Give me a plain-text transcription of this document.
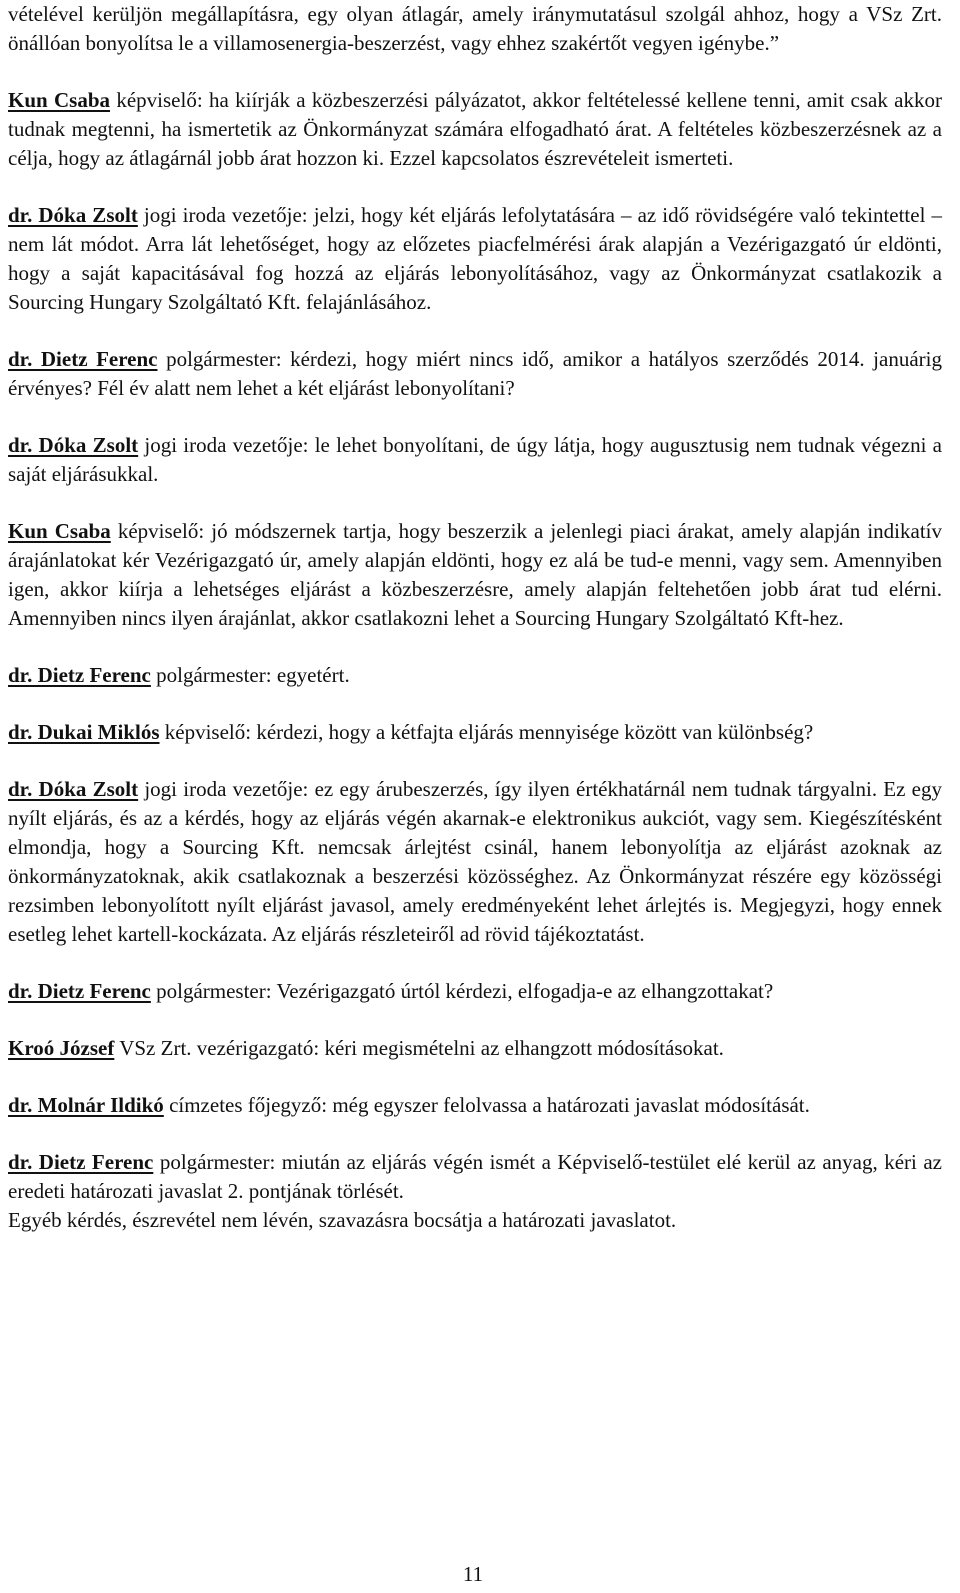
vételével kerüljön megállapításra, egy olyan átlagár, amely iránymutatásul szolgál ahhoz, hogy a VSz Zrt. önállóan bonyolítsa le a villamosenergia-beszerzést, vagy ehhez szakértőt vegyen igénybe.”

Kun Csaba képviselő: ha kiírják a közbeszerzési pályázatot, akkor feltételessé kellene tenni, amit csak akkor tudnak megtenni, ha ismertetik az Önkormányzat számára elfogadható árat. A feltételes közbeszerzésnek az a célja, hogy az átlagárnál jobb árat hozzon ki. Ezzel kapcsolatos észrevételeit ismerteti.

dr. Dóka Zsolt jogi iroda vezetője: jelzi, hogy két eljárás lefolytatására – az idő rövidségére való tekintettel – nem lát módot. Arra lát lehetőséget, hogy az előzetes piacfelmérési árak alapján a Vezérigazgató úr eldönti, hogy a saját kapacitásával fog hozzá az eljárás lebonyolításához, vagy az Önkormányzat csatlakozik a Sourcing Hungary Szolgáltató Kft. felajánlásához.

dr. Dietz Ferenc polgármester: kérdezi, hogy miért nincs idő, amikor a hatályos szerződés 2014. januárig érvényes? Fél év alatt nem lehet a két eljárást lebonyolítani?

dr. Dóka Zsolt jogi iroda vezetője: le lehet bonyolítani, de úgy látja, hogy augusztusig nem tudnak végezni a saját eljárásukkal.

Kun Csaba képviselő: jó módszernek tartja, hogy beszerzik a jelenlegi piaci árakat, amely alapján indikatív árajánlatokat kér Vezérigazgató úr, amely alapján eldönti, hogy ez alá be tud-e menni, vagy sem. Amennyiben igen, akkor kiírja a lehetséges eljárást a közbeszerzésre, amely alapján feltehetően jobb árat tud elérni. Amennyiben nincs ilyen árajánlat, akkor csatlakozni lehet a Sourcing Hungary Szolgáltató Kft-hez.

dr. Dietz Ferenc polgármester: egyetért.

dr. Dukai Miklós képviselő: kérdezi, hogy a kétfajta eljárás mennyisége között van különbség?

dr. Dóka Zsolt jogi iroda vezetője: ez egy árubeszerzés, így ilyen értékhatárnál nem tudnak tárgyalni. Ez egy nyílt eljárás, és az a kérdés, hogy az eljárás végén akarnak-e elektronikus aukciót, vagy sem. Kiegészítésként elmondja, hogy a Sourcing Kft. nemcsak árlejtést csinál, hanem lebonyolítja az eljárást azoknak az önkormányzatoknak, akik csatlakoznak a beszerzési közösséghez. Az Önkormányzat részére egy közösségi rezsimben lebonyolított nyílt eljárást javasol, amely eredményeként lehet árlejtés is. Megjegyzi, hogy ennek esetleg lehet kartell-kockázata. Az eljárás részleteiről ad rövid tájékoztatást.

dr. Dietz Ferenc polgármester: Vezérigazgató úrtól kérdezi, elfogadja-e az elhangzottakat?

Kroó József VSz Zrt. vezérigazgató: kéri megismételni az elhangzott módosításokat.

dr. Molnár Ildikó címzetes főjegyző: még egyszer felolvassa a határozati javaslat módosítását.

dr. Dietz Ferenc polgármester: miután az eljárás végén ismét a Képviselő-testület elé kerül az anyag, kéri az eredeti határozati javaslat 2. pontjának törlését.

Egyéb kérdés, észrevétel nem lévén, szavazásra bocsátja a határozati javaslatot.

11
